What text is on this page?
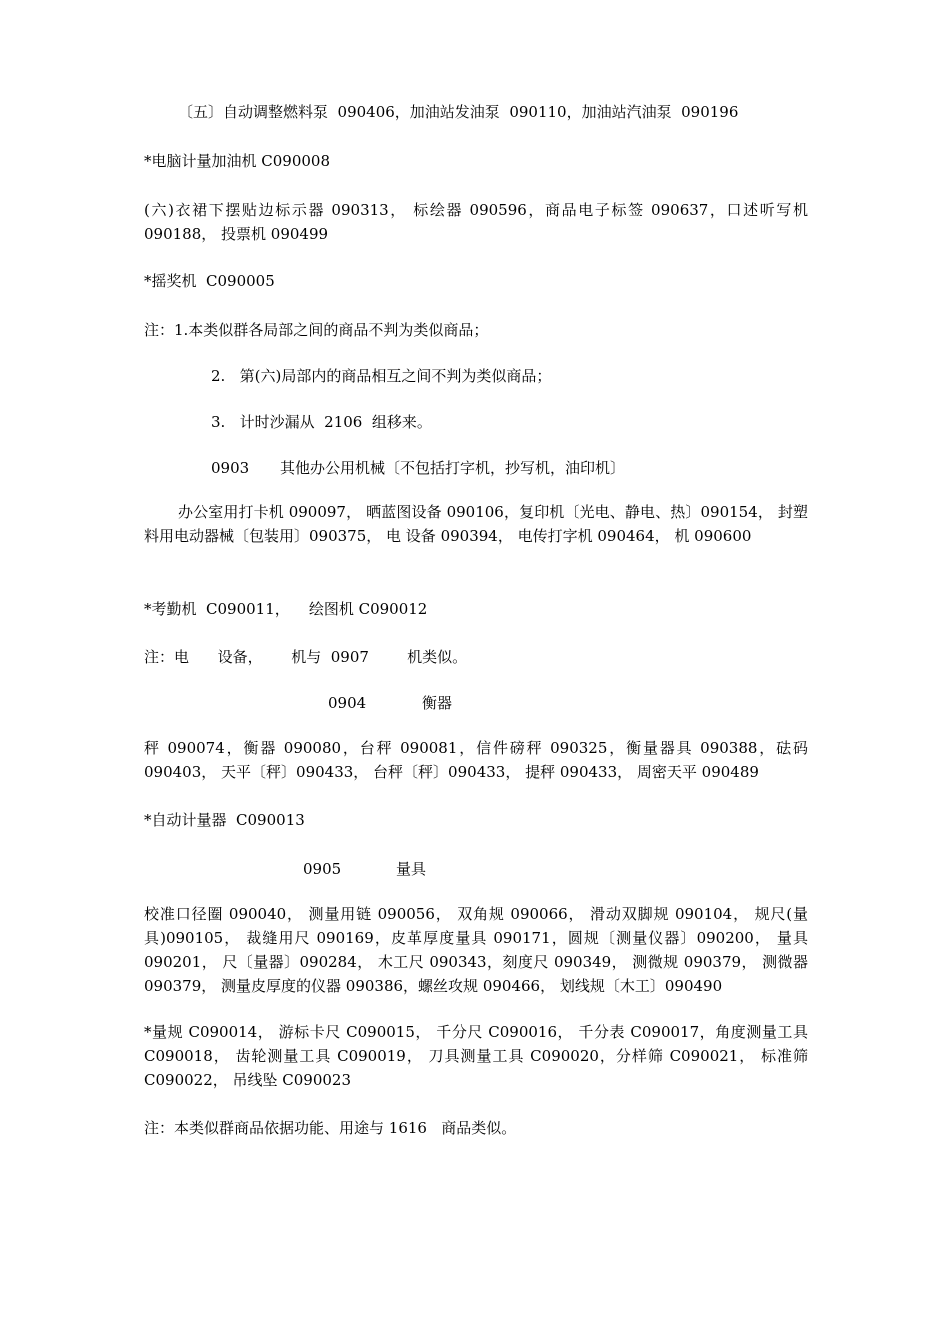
〔五〕自动调整燃料泵  090406，加油站发油泵  090110，加油站汽油泵  090196
*电脑计量加油机 C090008
(六)衣裙下摆贴边标示器 090313， 标绘器 090596，商品电子标签 090637，口述听写机 090188， 投票机 090499
*摇奖机  C090005
注：1.本类似群各局部之间的商品不判为类似商品；
2.   第(六)局部内的商品相互之间不判为类似商品；
3.   计时沙漏从  2106  组移来。
0903 其他办公用机械〔不包括打字机，抄写机，油印机〕
办公室用打卡机 090097， 晒蓝图设备 090106，复印机〔光电、静电、热〕090154， 封塑料用电动器械〔包装用〕090375， 电 设备 090394， 电传打字机 090464， 机 090600
*考勤机  C090011，    绘图机 C090012
注：电      设备，      机与  0907        机类似。
0904	衡器
秤 090074，衡器 090080，台秤 090081，信件磅秤 090325，衡量器具 090388，砝码 090403， 天平〔秤〕090433， 台秤〔秤〕090433， 提秤 090433， 周密天平 090489
*自动计量器  C090013
0905	量具
校准口径圈 090040， 测量用链 090056， 双角规 090066， 滑动双脚规 090104， 规尺(量具)090105， 裁缝用尺 090169，皮革厚度量具 090171，圆规〔测量仪器〕090200， 量具 090201， 尺〔量器〕090284， 木工尺 090343，刻度尺 090349， 测微规 090379， 测微器 090379， 测量皮厚度的仪器 090386，螺丝攻规 090466， 划线规〔木工〕090490
*量规 C090014， 游标卡尺 C090015， 千分尺 C090016， 千分表 C090017，角度测量工具 C090018， 齿轮测量工具 C090019， 刀具测量工具 C090020，分样筛 C090021， 标准筛 C090022， 吊线坠 C090023
注：本类似群商品依据功能、用途与 1616   商品类似。
